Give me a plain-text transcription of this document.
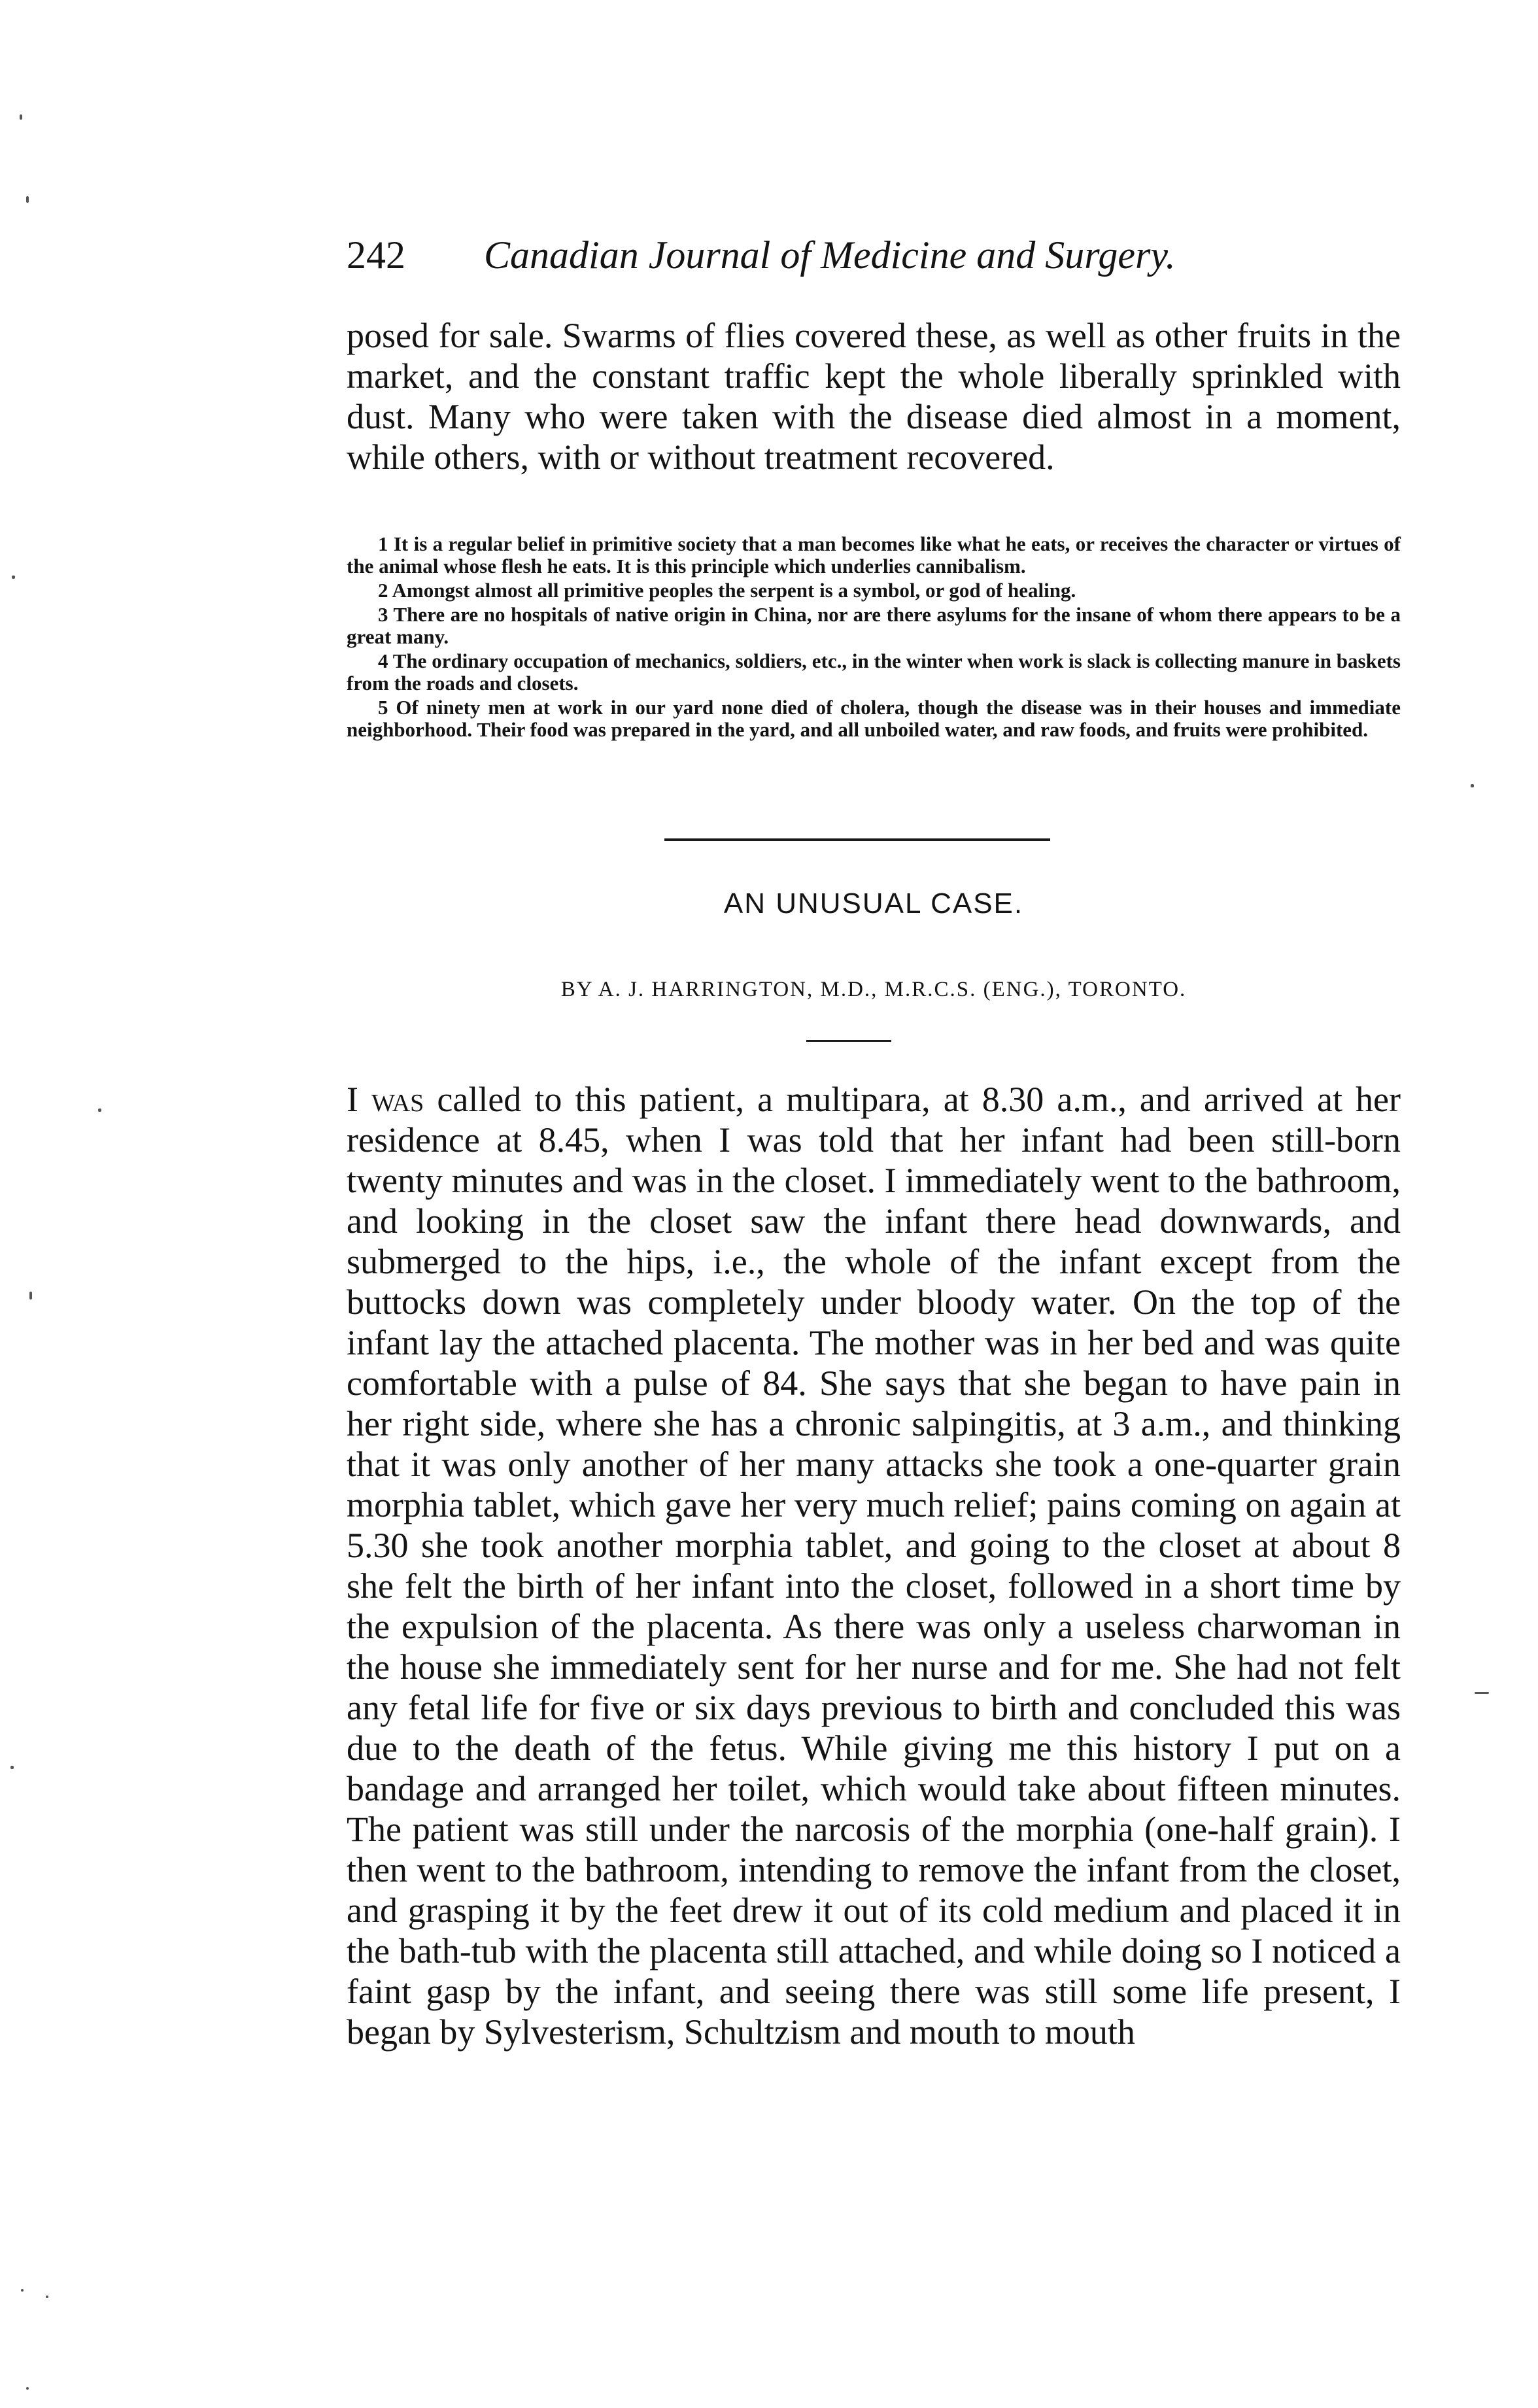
242 Canadian Journal of Medicine and Surgery.

posed for sale. Swarms of flies covered these, as well as other fruits in the market, and the constant traffic kept the whole liberally sprinkled with dust. Many who were taken with the disease died almost in a moment, while others, with or without treatment recovered.

1 It is a regular belief in primitive society that a man becomes like what he eats, or receives the character or virtues of the animal whose flesh he eats. It is this principle which underlies cannibalism.

2 Amongst almost all primitive peoples the serpent is a symbol, or god of healing.

3 There are no hospitals of native origin in China, nor are there asylums for the insane of whom there appears to be a great many.

4 The ordinary occupation of mechanics, soldiers, etc., in the winter when work is slack is collecting manure in baskets from the roads and closets.

5 Of ninety men at work in our yard none died of cholera, though the disease was in their houses and immediate neighborhood. Their food was prepared in the yard, and all unboiled water, and raw foods, and fruits were prohibited.

AN UNUSUAL CASE.
BY A. J. HARRINGTON, M.D., M.R.C.S. (ENG.), TORONTO.

I was called to this patient, a multipara, at 8.30 a.m., and arrived at her residence at 8.45, when I was told that her infant had been still-born twenty minutes and was in the closet. I immediately went to the bathroom, and looking in the closet saw the infant there head downwards, and submerged to the hips, i.e., the whole of the infant except from the buttocks down was completely under bloody water. On the top of the infant lay the attached placenta. The mother was in her bed and was quite comfortable with a pulse of 84. She says that she began to have pain in her right side, where she has a chronic salpingitis, at 3 a.m., and thinking that it was only another of her many attacks she took a one-quarter grain morphia tablet, which gave her very much relief; pains coming on again at 5.30 she took another morphia tablet, and going to the closet at about 8 she felt the birth of her infant into the closet, followed in a short time by the expulsion of the placenta. As there was only a useless charwoman in the house she immediately sent for her nurse and for me. She had not felt any fetal life for five or six days previous to birth and concluded this was due to the death of the fetus. While giving me this history I put on a bandage and arranged her toilet, which would take about fifteen minutes. The patient was still under the narcosis of the morphia (one-half grain). I then went to the bathroom, intending to remove the infant from the closet, and grasping it by the feet drew it out of its cold medium and placed it in the bath-tub with the placenta still attached, and while doing so I noticed a faint gasp by the infant, and seeing there was still some life present, I began by Sylvesterism, Schultzism and mouth to mouth
